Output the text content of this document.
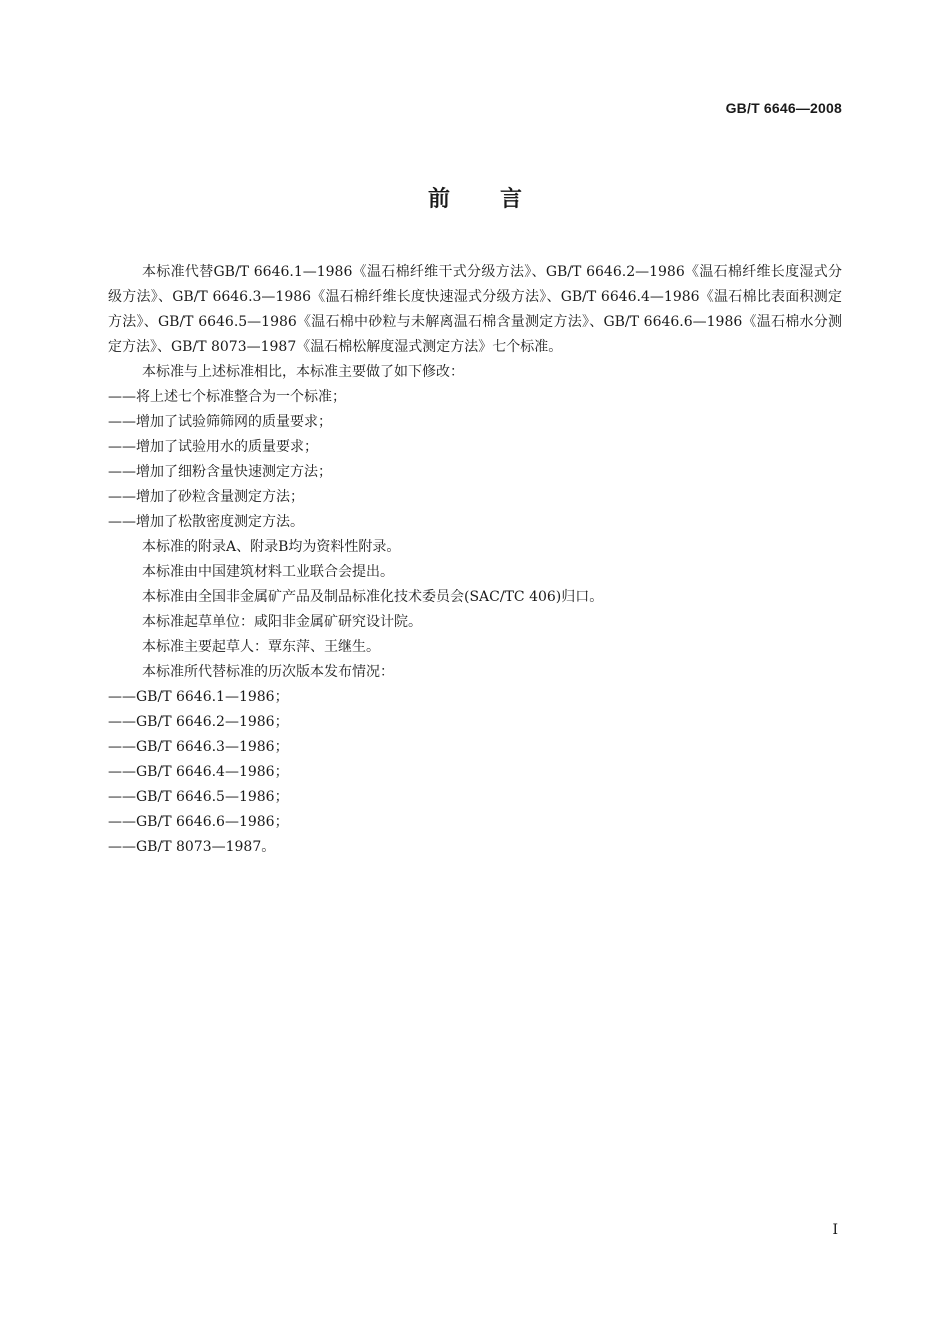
GB/T 6646—2008
前言

本标准代替GB/T 6646.1—1986《温石棉纤维干式分级方法》、GB/T 6646.2—1986《温石棉纤维长度湿式分级方法》、GB/T 6646.3—1986《温石棉纤维长度快速湿式分级方法》、GB/T 6646.4—1986《温石棉比表面积测定方法》、GB/T 6646.5—1986《温石棉中砂粒与未解离温石棉含量测定方法》、GB/T 6646.6—1986《温石棉水分测定方法》、GB/T 8073—1987《温石棉松解度湿式测定方法》七个标准。

本标准与上述标准相比，本标准主要做了如下修改：

——将上述七个标准整合为一个标准；

——增加了试验筛筛网的质量要求；

——增加了试验用水的质量要求；

——增加了细粉含量快速测定方法；

——增加了砂粒含量测定方法；

——增加了松散密度测定方法。

本标准的附录A、附录B均为资料性附录。

本标准由中国建筑材料工业联合会提出。

本标准由全国非金属矿产品及制品标准化技术委员会(SAC/TC 406)归口。

本标准起草单位：咸阳非金属矿研究设计院。

本标准主要起草人：覃东萍、王继生。

本标准所代替标准的历次版本发布情况：

——GB/T 6646.1—1986；

——GB/T 6646.2—1986；

——GB/T 6646.3—1986；

——GB/T 6646.4—1986；

——GB/T 6646.5—1986；

——GB/T 6646.6—1986；

——GB/T 8073—1987。

I
